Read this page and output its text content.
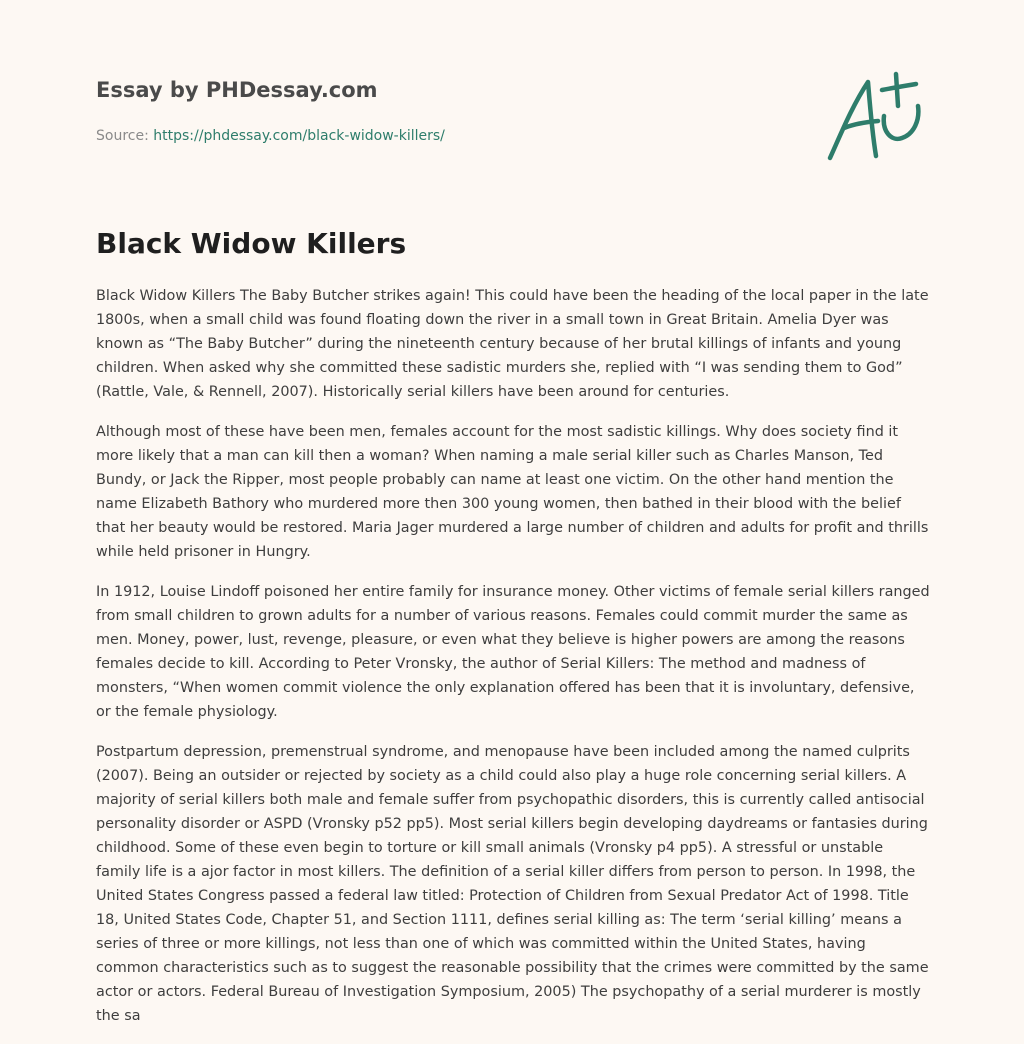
Essay by PHDessay.com

Source: https://phdessay.com/black-widow-killers/
Black Widow Killers

Black Widow Killers The Baby Butcher strikes again! This could have been the heading of the local paper in the late 1800s, when a small child was found floating down the river in a small town in Great Britain. Amelia Dyer was known as “The Baby Butcher” during the nineteenth century because of her brutal killings of infants and young children. When asked why she committed these sadistic murders she, replied with “I was sending them to God” (Rattle, Vale, & Rennell, 2007). Historically serial killers have been around for centuries.

Although most of these have been men, females account for the most sadistic killings. Why does society find it more likely that a man can kill then a woman? When naming a male serial killer such as Charles Manson, Ted Bundy, or Jack the Ripper, most people probably can name at least one victim. On the other hand mention the name Elizabeth Bathory who murdered more then 300 young women, then bathed in their blood with the belief that her beauty would be restored. Maria Jager murdered a large number of children and adults for profit and thrills while held prisoner in Hungry.

In 1912, Louise Lindoff poisoned her entire family for insurance money. Other victims of female serial killers ranged from small children to grown adults for a number of various reasons. Females could commit murder the same as men. Money, power, lust, revenge, pleasure, or even what they believe is higher powers are among the reasons females decide to kill. According to Peter Vronsky, the author of Serial Killers: The method and madness of monsters, “When women commit violence the only explanation offered has been that it is involuntary, defensive, or the female physiology.

Postpartum depression, premenstrual syndrome, and menopause have been included among the named culprits (2007). Being an outsider or rejected by society as a child could also play a huge role concerning serial killers. A majority of serial killers both male and female suffer from psychopathic disorders, this is currently called antisocial personality disorder or ASPD (Vronsky p52 pp5). Most serial killers begin developing daydreams or fantasies during childhood. Some of these even begin to torture or kill small animals (Vronsky p4 pp5). A stressful or unstable family life is a ajor factor in most killers. The definition of a serial killer differs from person to person. In 1998, the United States Congress passed a federal law titled: Protection of Children from Sexual Predator Act of 1998. Title 18, United States Code, Chapter 51, and Section 1111, defines serial killing as: The term ‘serial killing’ means a series of three or more killings, not less than one of which was committed within the United States, having common characteristics such as to suggest the reasonable possibility that the crimes were committed by the same actor or actors. Federal Bureau of Investigation Symposium, 2005) The psychopathy of a serial murderer is mostly the sa
